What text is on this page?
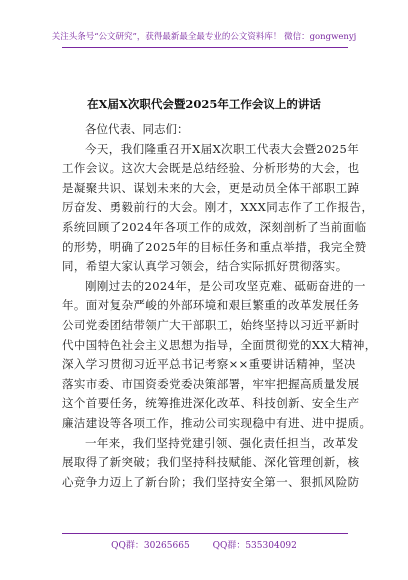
关注头条号“公文研究”，获得最新最全最专业的公文资料库！ 微信：gongwenyj
在X届X次职代会暨2025年工作会议上的讲话
各位代表、同志们：
今天，我们隆重召开X届X次职工代表大会暨2025年
工作会议。这次大会既是总结经验、分析形势的大会，也
是凝聚共识、谋划未来的大会，更是动员全体干部职工踔
厉奋发、勇毅前行的大会。刚才，XXX同志作了工作报告，
系统回顾了2024年各项工作的成效，深刻剖析了当前面临
的形势，明确了2025年的目标任务和重点举措，我完全赞
同，希望大家认真学习领会，结合实际抓好贯彻落实。
刚刚过去的2024年，是公司攻坚克难、砥砺奋进的一
年。面对复杂严峻的外部环境和艰巨繁重的改革发展任务
公司党委团结带领广大干部职工，始终坚持以习近平新时
代中国特色社会主义思想为指导，全面贯彻党的XX大精神，
深入学习贯彻习近平总书记考察××重要讲话精神，坚决
落实市委、市国资委党委决策部署，牢牢把握高质量发展
这个首要任务，统筹推进深化改革、科技创新、安全生产
廉洁建设等各项工作，推动公司实现稳中有进、进中提质。
一年来，我们坚持党建引领、强化责任担当，改革发
展取得了新突破；我们坚持科技赋能、深化管理创新，核
心竞争力迈上了新台阶；我们坚持安全第一、狠抓风险防
QQ群：30265665	QQ群：535304092
